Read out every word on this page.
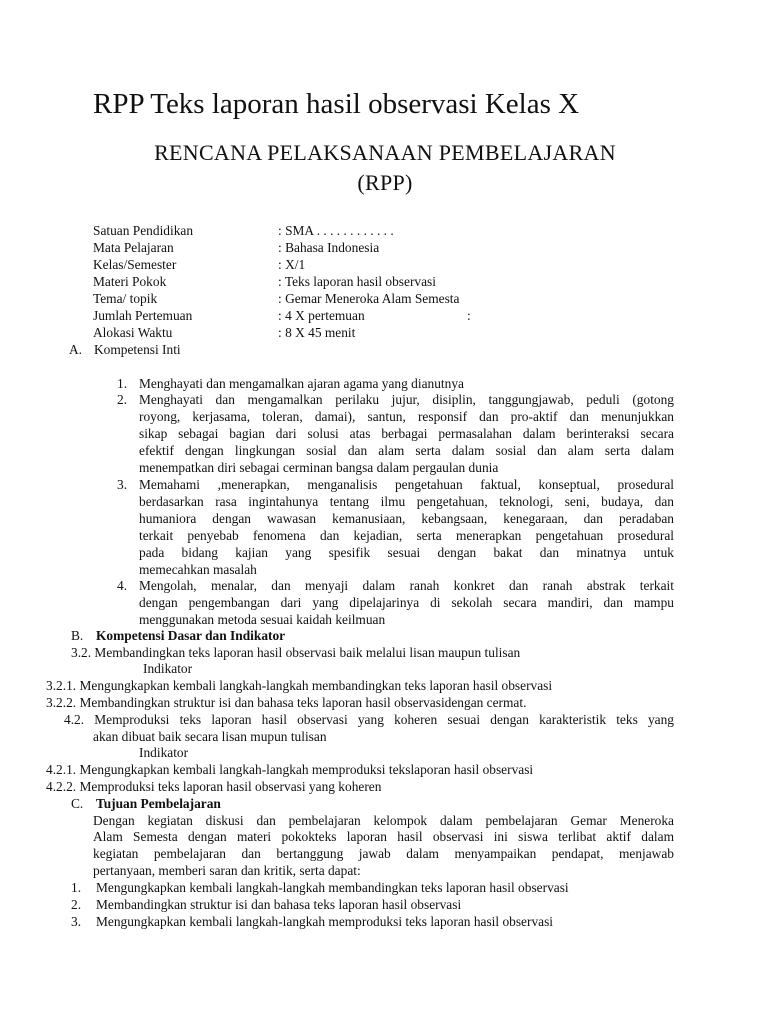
RPP Teks laporan hasil observasi Kelas X
RENCANA PELAKSANAAN PEMBELAJARAN
(RPP)
Satuan Pendidikan	: SMA . . . . . . . . . . . .
Mata Pelajaran	: Bahasa Indonesia
Kelas/Semester	: X/1
Materi Pokok	: Teks laporan hasil observasi
Tema/ topik	: Gemar Meneroka Alam Semesta
Jumlah Pertemuan	: 4 X pertemuan	:
Alokasi Waktu	: 8 X 45 menit
A. Kompetensi Inti
1. Menghayati dan mengamalkan ajaran agama yang dianutnya
2. Menghayati dan mengamalkan perilaku jujur, disiplin, tanggungjawab, peduli (gotong
royong, kerjasama, toleran, damai), santun, responsif dan pro-aktif dan menunjukkan
sikap sebagai bagian dari solusi atas berbagai permasalahan dalam berinteraksi secara
efektif dengan lingkungan sosial dan alam serta dalam sosial dan alam serta dalam
menempatkan diri sebagai cerminan bangsa dalam pergaulan dunia
3. Memahami ,menerapkan, menganalisis pengetahuan faktual, konseptual, prosedural
berdasarkan rasa ingintahunya tentang ilmu pengetahuan, teknologi, seni, budaya, dan
humaniora dengan wawasan kemanusiaan, kebangsaan, kenegaraan, dan peradaban
terkait penyebab fenomena dan kejadian, serta menerapkan pengetahuan prosedural
pada bidang kajian yang spesifik sesuai dengan bakat dan minatnya untuk
memecahkan masalah
4. Mengolah, menalar, dan menyaji dalam ranah konkret dan ranah abstrak terkait
dengan pengembangan dari yang dipelajarinya di sekolah secara mandiri, dan mampu
menggunakan metoda sesuai kaidah keilmuan
B. Kompetensi Dasar dan Indikator
3.2. Membandingkan teks laporan hasil observasi baik melalui lisan maupun tulisan
Indikator
3.2.1. Mengungkapkan kembali langkah-langkah membandingkan teks laporan hasil observasi
3.2.2. Membandingkan struktur isi dan bahasa teks laporan hasil observasidengan cermat.
4.2. Memproduksi teks laporan hasil observasi yang koheren sesuai dengan karakteristik teks yang
akan dibuat baik secara lisan mupun tulisan
Indikator
4.2.1. Mengungkapkan kembali langkah-langkah memproduksi tekslaporan hasil observasi
4.2.2. Memproduksi teks laporan hasil observasi yang koheren
C. Tujuan Pembelajaran
Dengan kegiatan diskusi dan pembelajaran kelompok dalam pembelajaran Gemar Meneroka
Alam Semesta dengan materi pokokteks laporan hasil observasi ini siswa terlibat aktif dalam
kegiatan pembelajaran dan bertanggung jawab dalam menyampaikan pendapat, menjawab
pertanyaan, memberi saran dan kritik, serta dapat:
1. Mengungkapkan kembali langkah-langkah membandingkan teks laporan hasil observasi
2. Membandingkan struktur isi dan bahasa teks laporan hasil observasi
3. Mengungkapkan kembali langkah-langkah memproduksi teks laporan hasil observasi
